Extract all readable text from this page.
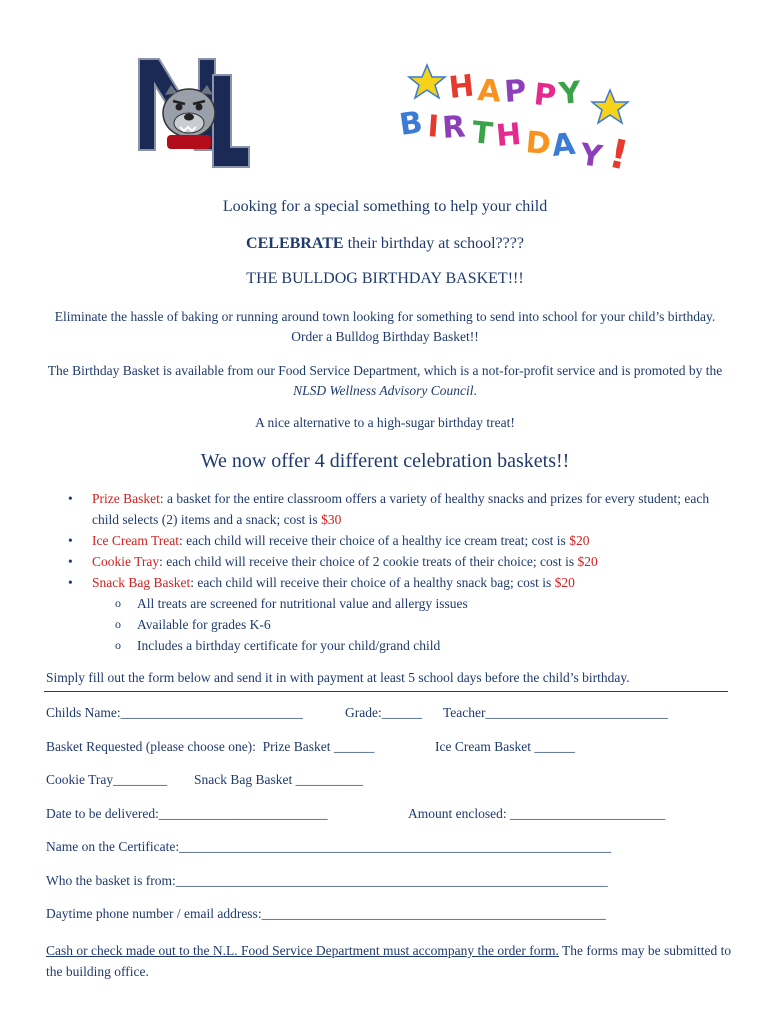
H A P P Y
B I R T H D
A Y !
Looking for a special something to help your child
CELEBRATE their birthday at school????
THE BULLDOG BIRTHDAY BASKET!!!
Eliminate the hassle of baking or running around town looking for something to send into school for your child’s birthday. Order a Bulldog Birthday Basket!!
The Birthday Basket is available from our Food Service Department, which is a not-for-profit service and is promoted by the NLSD Wellness Advisory Council.
A nice alternative to a high-sugar birthday treat!
We now offer 4 different celebration baskets!!
• Prize Basket: a basket for the entire classroom offers a variety of healthy snacks and prizes for every student; each child selects (2) items and a snack; cost is $30
• Ice Cream Treat: each child will receive their choice of a healthy ice cream treat; cost is $20
• Cookie Tray: each child will receive their choice of 2 cookie treats of their choice; cost is $20
• Snack Bag Basket: each child will receive their choice of a healthy snack bag; cost is $20
o All treats are screened for nutritional value and allergy issues
o Available for grades K-6
o Includes a birthday certificate for your child/grand child
Simply fill out the form below and send it in with payment at least 5 school days before the child’s birthday.
Childs Name:___________________________	Grade:______ Teacher___________________________
Basket Requested (please choose one):  Prize Basket ______	Ice Cream Basket ______
Cookie Tray________ Snack Bag Basket __________
Date to be delivered:_________________________	Amount enclosed: _______________________
Name on the Certificate:________________________________________________________________
Who the basket is from:________________________________________________________________
Daytime phone number / email address:___________________________________________________
Cash or check made out to the N.L. Food Service Department must accompany the order form. The forms may be submitted to the building office.
